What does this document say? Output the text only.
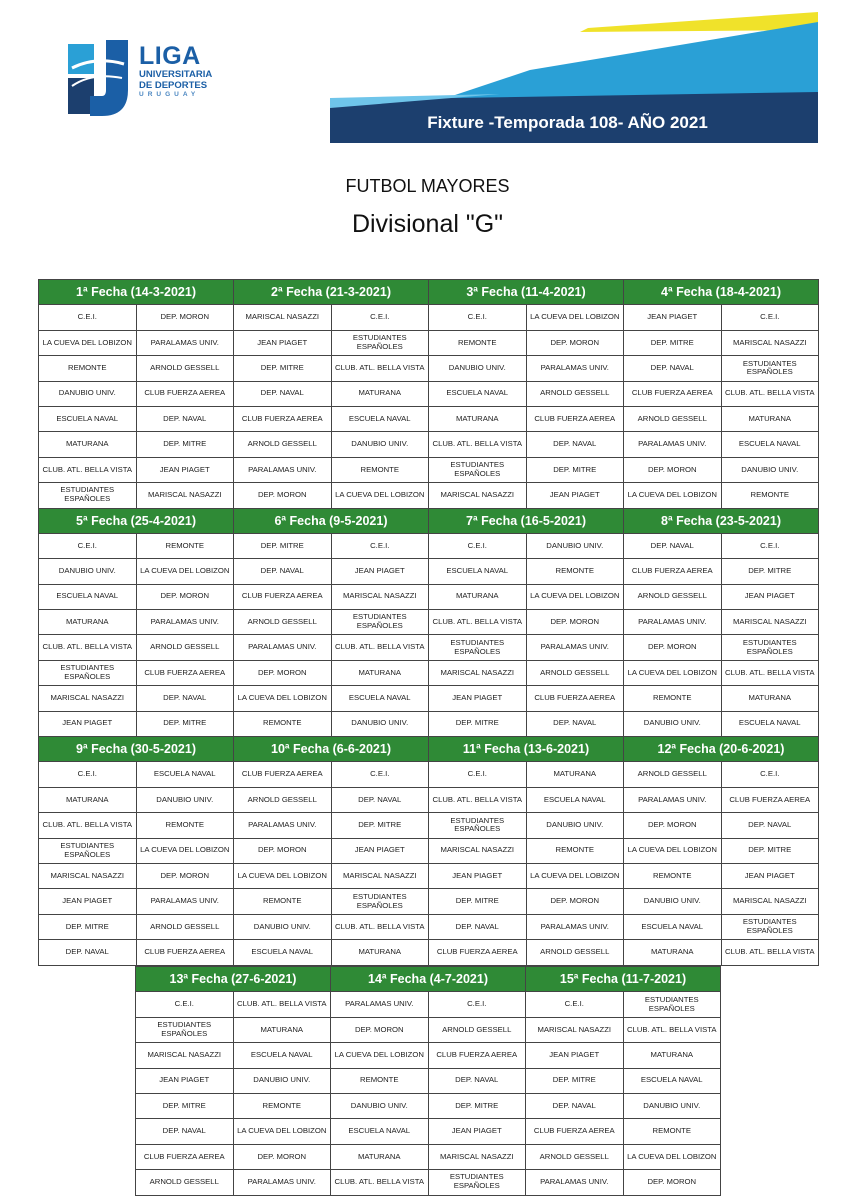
LIGA
UNIVERSITARIA
DE DEPORTES
URUGUAY
Fixture -Temporada 108- AÑO 2021
FUTBOL MAYORES
Divisional "G"
1ª Fecha (14-3-2021)		2ª Fecha (21-3-2021)		3ª Fecha (11-4-2021)		4ª Fecha (18-4-2021)	
C.E.I.	DEP. MORON	MARISCAL NASAZZI	C.E.I.	C.E.I.	LA CUEVA DEL LOBIZON	JEAN PIAGET	C.E.I.
LA CUEVA DEL LOBIZON	PARALAMAS UNIV.	JEAN PIAGET	ESTUDIANTES ESPAÑOLES	REMONTE	DEP. MORON	DEP. MITRE	MARISCAL NASAZZI
REMONTE	ARNOLD GESSELL	DEP. MITRE	CLUB. ATL. BELLA VISTA	DANUBIO UNIV.	PARALAMAS UNIV.	DEP. NAVAL	ESTUDIANTES ESPAÑOLES
DANUBIO UNIV.	CLUB FUERZA AEREA	DEP. NAVAL	MATURANA	ESCUELA NAVAL	ARNOLD GESSELL	CLUB FUERZA AEREA	CLUB. ATL. BELLA VISTA
ESCUELA NAVAL	DEP. NAVAL	CLUB FUERZA AEREA	ESCUELA NAVAL	MATURANA	CLUB FUERZA AEREA	ARNOLD GESSELL	MATURANA
MATURANA	DEP. MITRE	ARNOLD GESSELL	DANUBIO UNIV.	CLUB. ATL. BELLA VISTA	DEP. NAVAL	PARALAMAS UNIV.	ESCUELA NAVAL
CLUB. ATL. BELLA VISTA	JEAN PIAGET	PARALAMAS UNIV.	REMONTE	ESTUDIANTES ESPAÑOLES	DEP. MITRE	DEP. MORON	DANUBIO UNIV.
ESTUDIANTES ESPAÑOLES	MARISCAL NASAZZI	DEP. MORON	LA CUEVA DEL LOBIZON	MARISCAL NASAZZI	JEAN PIAGET	LA CUEVA DEL LOBIZON	REMONTE
5ª Fecha (25-4-2021)		6ª Fecha (9-5-2021)		7ª Fecha (16-5-2021)		8ª Fecha (23-5-2021)	
C.E.I.	REMONTE	DEP. MITRE	C.E.I.	C.E.I.	DANUBIO UNIV.	DEP. NAVAL	C.E.I.
DANUBIO UNIV.	LA CUEVA DEL LOBIZON	DEP. NAVAL	JEAN PIAGET	ESCUELA NAVAL	REMONTE	CLUB FUERZA AEREA	DEP. MITRE
ESCUELA NAVAL	DEP. MORON	CLUB FUERZA AEREA	MARISCAL NASAZZI	MATURANA	LA CUEVA DEL LOBIZON	ARNOLD GESSELL	JEAN PIAGET
MATURANA	PARALAMAS UNIV.	ARNOLD GESSELL	ESTUDIANTES ESPAÑOLES	CLUB. ATL. BELLA VISTA	DEP. MORON	PARALAMAS UNIV.	MARISCAL NASAZZI
CLUB. ATL. BELLA VISTA	ARNOLD GESSELL	PARALAMAS UNIV.	CLUB. ATL. BELLA VISTA	ESTUDIANTES ESPAÑOLES	PARALAMAS UNIV.	DEP. MORON	ESTUDIANTES ESPAÑOLES
ESTUDIANTES ESPAÑOLES	CLUB FUERZA AEREA	DEP. MORON	MATURANA	MARISCAL NASAZZI	ARNOLD GESSELL	LA CUEVA DEL LOBIZON	CLUB. ATL. BELLA VISTA
MARISCAL NASAZZI	DEP. NAVAL	LA CUEVA DEL LOBIZON	ESCUELA NAVAL	JEAN PIAGET	CLUB FUERZA AEREA	REMONTE	MATURANA
JEAN PIAGET	DEP. MITRE	REMONTE	DANUBIO UNIV.	DEP. MITRE	DEP. NAVAL	DANUBIO UNIV.	ESCUELA NAVAL
9ª Fecha (30-5-2021)		10ª Fecha (6-6-2021)		11ª Fecha (13-6-2021)		12ª Fecha (20-6-2021)	
C.E.I.	ESCUELA NAVAL	CLUB FUERZA AEREA	C.E.I.	C.E.I.	MATURANA	ARNOLD GESSELL	C.E.I.
MATURANA	DANUBIO UNIV.	ARNOLD GESSELL	DEP. NAVAL	CLUB. ATL. BELLA VISTA	ESCUELA NAVAL	PARALAMAS UNIV.	CLUB FUERZA AEREA
CLUB. ATL. BELLA VISTA	REMONTE	PARALAMAS UNIV.	DEP. MITRE	ESTUDIANTES ESPAÑOLES	DANUBIO UNIV.	DEP. MORON	DEP. NAVAL
ESTUDIANTES ESPAÑOLES	LA CUEVA DEL LOBIZON	DEP. MORON	JEAN PIAGET	MARISCAL NASAZZI	REMONTE	LA CUEVA DEL LOBIZON	DEP. MITRE
MARISCAL NASAZZI	DEP. MORON	LA CUEVA DEL LOBIZON	MARISCAL NASAZZI	JEAN PIAGET	LA CUEVA DEL LOBIZON	REMONTE	JEAN PIAGET
JEAN PIAGET	PARALAMAS UNIV.	REMONTE	ESTUDIANTES ESPAÑOLES	DEP. MITRE	DEP. MORON	DANUBIO UNIV.	MARISCAL NASAZZI
DEP. MITRE	ARNOLD GESSELL	DANUBIO UNIV.	CLUB. ATL. BELLA VISTA	DEP. NAVAL	PARALAMAS UNIV.	ESCUELA NAVAL	ESTUDIANTES ESPAÑOLES
DEP. NAVAL	CLUB FUERZA AEREA	ESCUELA NAVAL	MATURANA	CLUB FUERZA AEREA	ARNOLD GESSELL	MATURANA	CLUB. ATL. BELLA VISTA
13ª Fecha (27-6-2021)		14ª Fecha (4-7-2021)		15ª Fecha (11-7-2021)	
C.E.I.	CLUB. ATL. BELLA VISTA	PARALAMAS UNIV.	C.E.I.	C.E.I.	ESTUDIANTES ESPAÑOLES
ESTUDIANTES ESPAÑOLES	MATURANA	DEP. MORON	ARNOLD GESSELL	MARISCAL NASAZZI	CLUB. ATL. BELLA VISTA
MARISCAL NASAZZI	ESCUELA NAVAL	LA CUEVA DEL LOBIZON	CLUB FUERZA AEREA	JEAN PIAGET	MATURANA
JEAN PIAGET	DANUBIO UNIV.	REMONTE	DEP. NAVAL	DEP. MITRE	ESCUELA NAVAL
DEP. MITRE	REMONTE	DANUBIO UNIV.	DEP. MITRE	DEP. NAVAL	DANUBIO UNIV.
DEP. NAVAL	LA CUEVA DEL LOBIZON	ESCUELA NAVAL	JEAN PIAGET	CLUB FUERZA AEREA	REMONTE
CLUB FUERZA AEREA	DEP. MORON	MATURANA	MARISCAL NASAZZI	ARNOLD GESSELL	LA CUEVA DEL LOBIZON
ARNOLD GESSELL	PARALAMAS UNIV.	CLUB. ATL. BELLA VISTA	ESTUDIANTES ESPAÑOLES	PARALAMAS UNIV.	DEP. MORON
